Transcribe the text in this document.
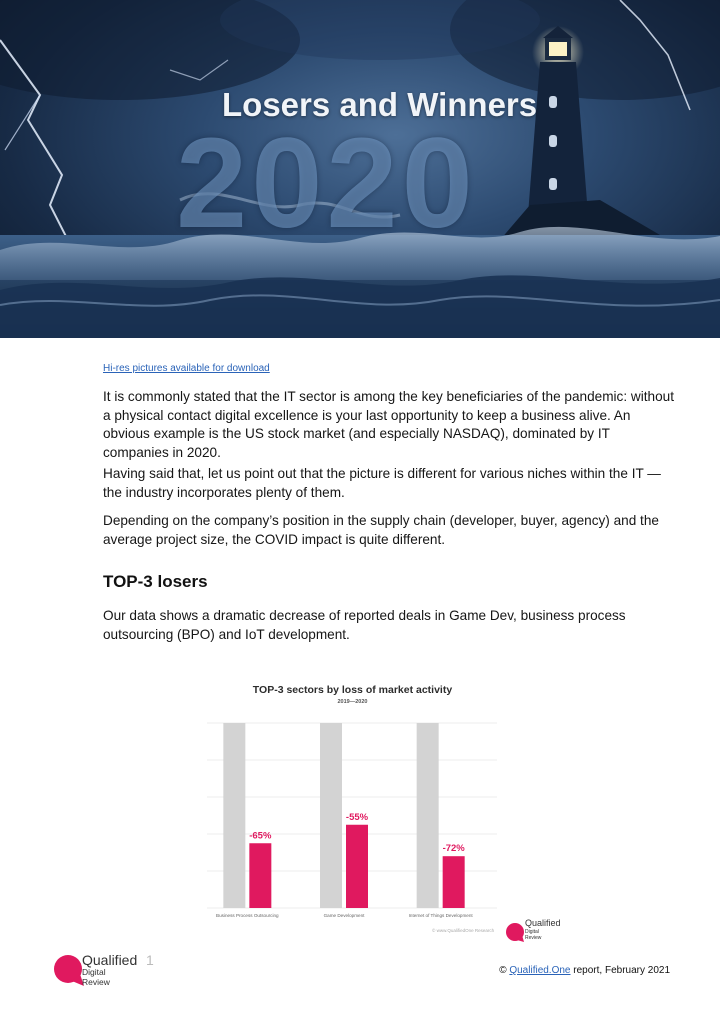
2020
Losers and Winners
Hi-res pictures available for download

It is commonly stated that the IT sector is among the key beneficiaries of the pandemic: without a physical contact digital excellence is your last opportunity to keep a business alive. An obvious example is the US stock market (and especially NASDAQ), dominated by IT companies in 2020.

Having said that, let us point out that the picture is different for various niches within the IT — the industry incorporates plenty of them.

Depending on the company’s position in the supply chain (developer, buyer, agency) and the average project size, the COVID impact is quite different.

TOP-3 losers

Our data shows a dramatic decrease of reported deals in Game Dev, business process outsourcing (BPO) and IoT development.

TOP-3 sectors by loss of market activity
2019—2020
-65%
Business Process Outsourcing
-55%
Game Development
-72%
Internet of Things Development
© www.QualifiedOne Research
Qualified
Digital
Review
Qualified 1
Digital
Review
© Qualified.One report, February 2021
